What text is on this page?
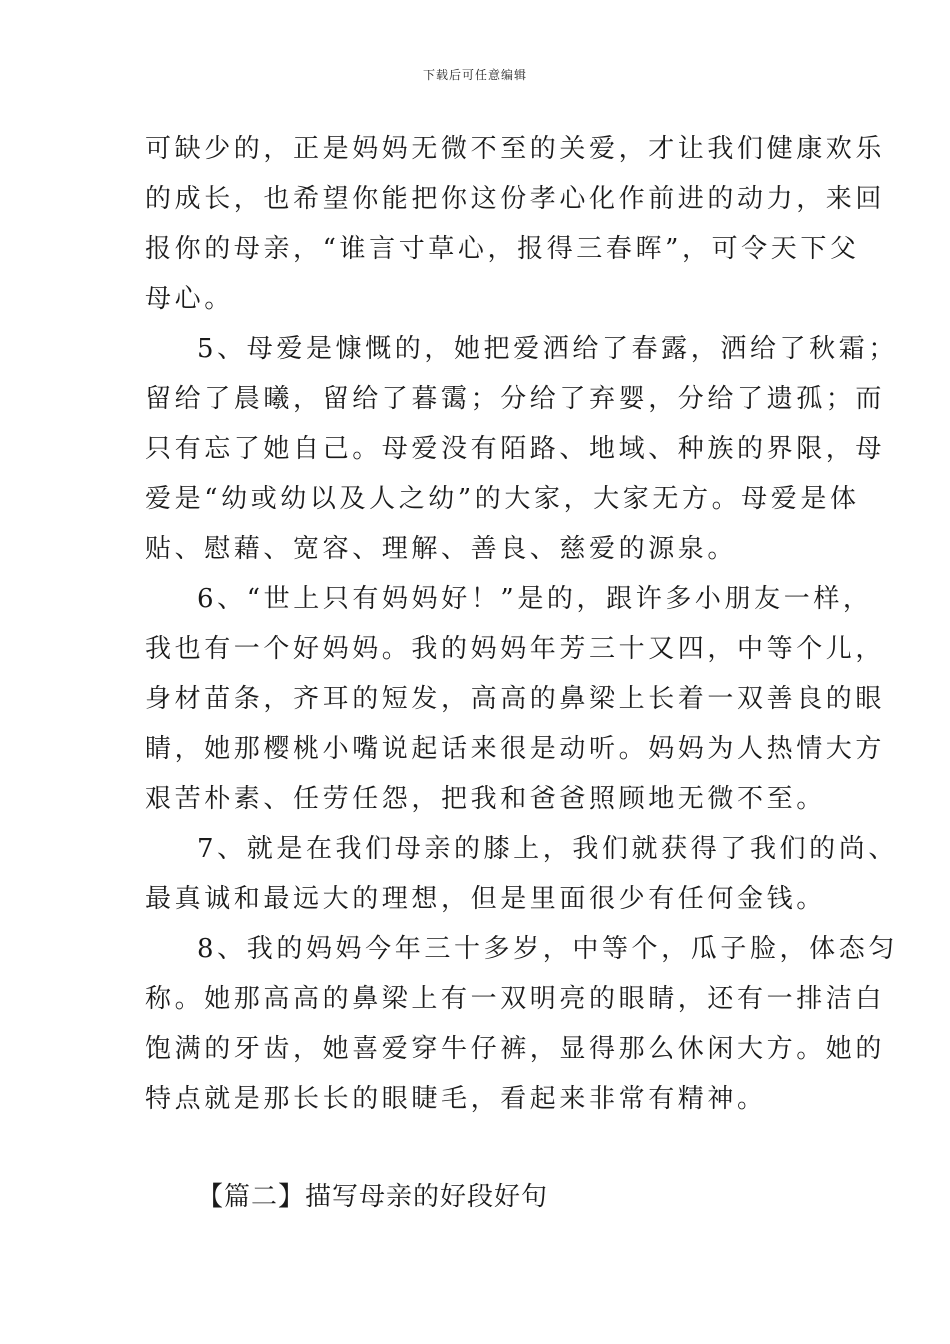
下载后可任意编辑

可缺少的，正是妈妈无微不至的关爱，才让我们健康欢乐
的成长，也希望你能把你这份孝心化作前进的动力，来回
报你的母亲，“谁言寸草心，报得三春晖”，可令天下父
母心。

5、母爱是慷慨的，她把爱洒给了春露，洒给了秋霜；
留给了晨曦，留给了暮霭；分给了弃婴，分给了遗孤；而
只有忘了她自己。母爱没有陌路、地域、种族的界限，母
爱是“幼或幼以及人之幼”的大家，大家无方。母爱是体
贴、慰藉、宽容、理解、善良、慈爱的源泉。

6、“世上只有妈妈好！”是的，跟许多小朋友一样，
我也有一个好妈妈。我的妈妈年芳三十又四，中等个儿，
身材苗条，齐耳的短发，高高的鼻梁上长着一双善良的眼
睛，她那樱桃小嘴说起话来很是动听。妈妈为人热情大方
艰苦朴素、任劳任怨，把我和爸爸照顾地无微不至。

7、就是在我们母亲的膝上，我们就获得了我们的尚、
最真诚和最远大的理想，但是里面很少有任何金钱。

8、我的妈妈今年三十多岁，中等个，瓜子脸，体态匀
称。她那高高的鼻梁上有一双明亮的眼睛，还有一排洁白
饱满的牙齿，她喜爱穿牛仔裤，显得那么休闲大方。她的
特点就是那长长的眼睫毛，看起来非常有精神。

【篇二】描写母亲的好段好句
